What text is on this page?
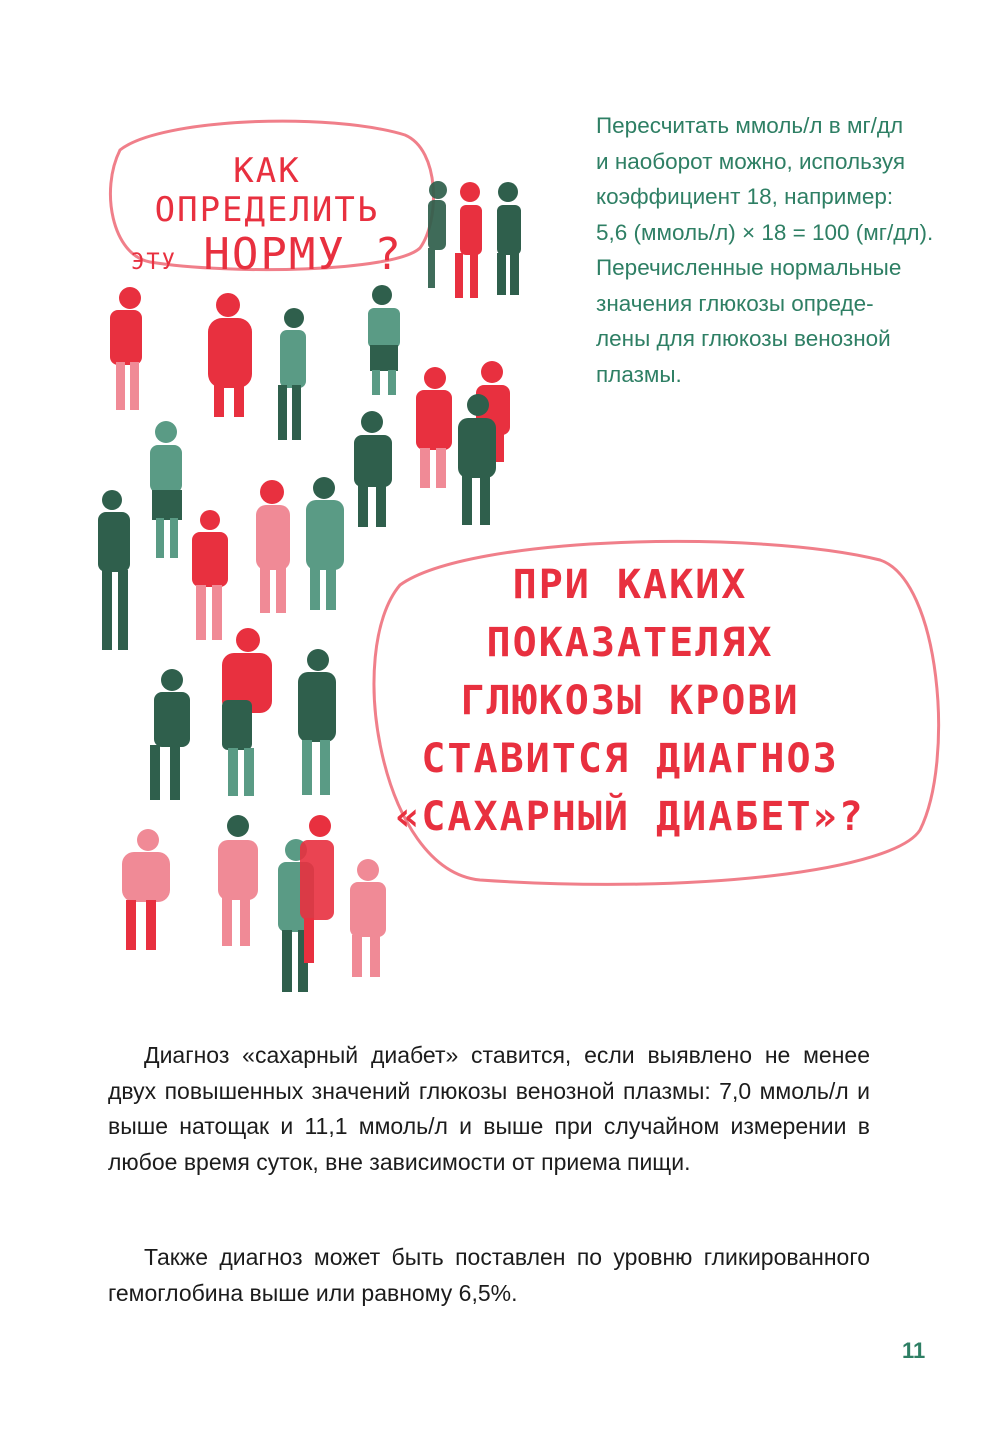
КАК ОПРЕДЕЛИТЬ
ЭТУ НОРМУ ?
ПРИ КАКИХ
ПОКАЗАТЕЛЯХ
ГЛЮКОЗЫ КРОВИ
СТАВИТСЯ ДИАГНОЗ
«САХАРНЫЙ ДИАБЕТ»?
Пересчитать ммоль/л в мг/дл
и наоборот можно, используя
коэффициент 18, например:
5,6 (ммоль/л) × 18 = 100 (мг/дл).
Перечисленные нормальные
значения глюкозы опреде-
лены для глюкозы венозной
плазмы.

Диагноз «сахарный диабет» ставится, если выявлено не менее двух повышенных значений глюкозы венозной плазмы: 7,0 ммоль/л и выше натощак и 11,1 ммоль/л и выше при случайном измерении в любое время суток, вне зависимости от приема пищи.

Также диагноз может быть поставлен по уровню гликированного гемоглобина выше или равному 6,5%.

11
